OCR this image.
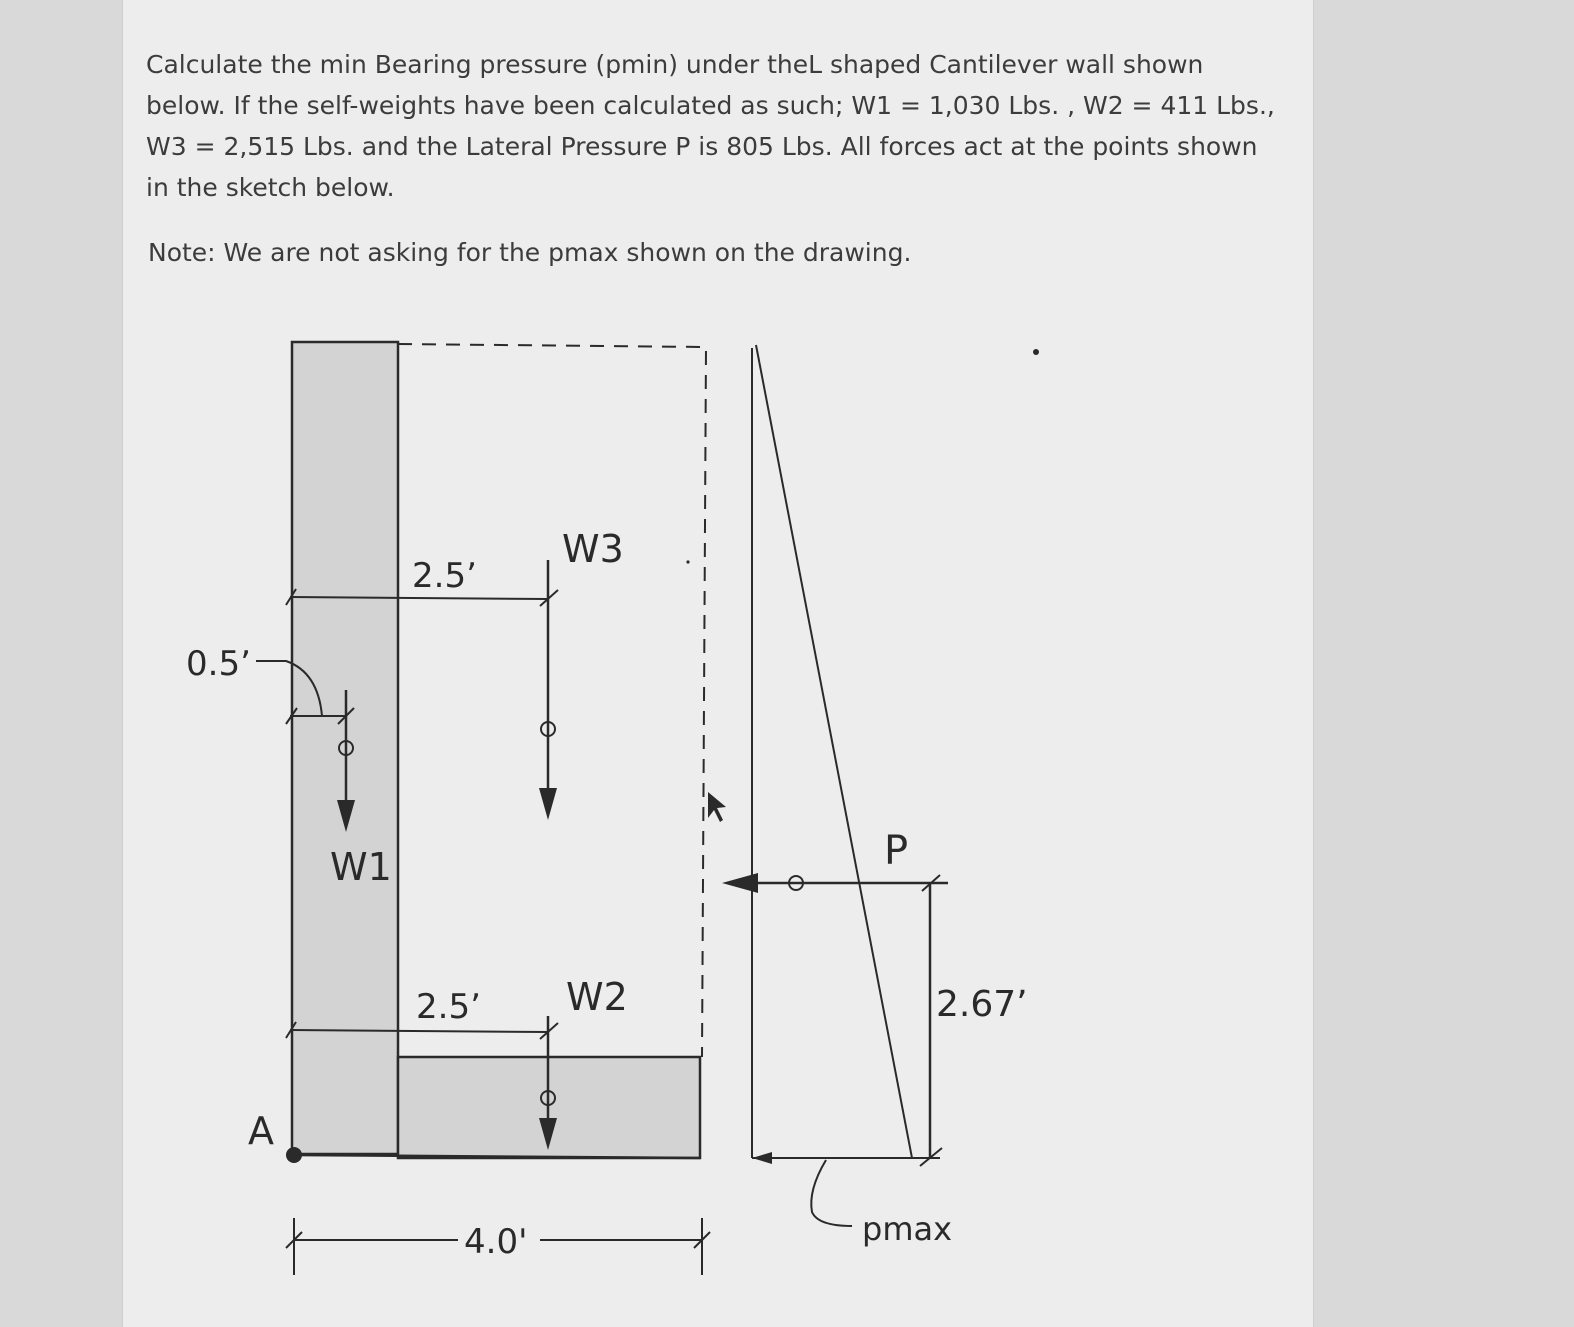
Calculate the min Bearing pressure (pmin) under theL shaped Cantilever wall shown below. If the self-weights have been calculated as such; W1 = 1,030 Lbs. , W2 = 411 Lbs., W3 = 2,515 Lbs. and the Lateral Pressure P is 805 Lbs. All forces act at the points shown in the sketch below.

Note: We are not asking for the pmax shown on the drawing.

W3
2.5’
W1
0.5’
W2
2.5’
A
4.0'
P
2.67’
pmax
